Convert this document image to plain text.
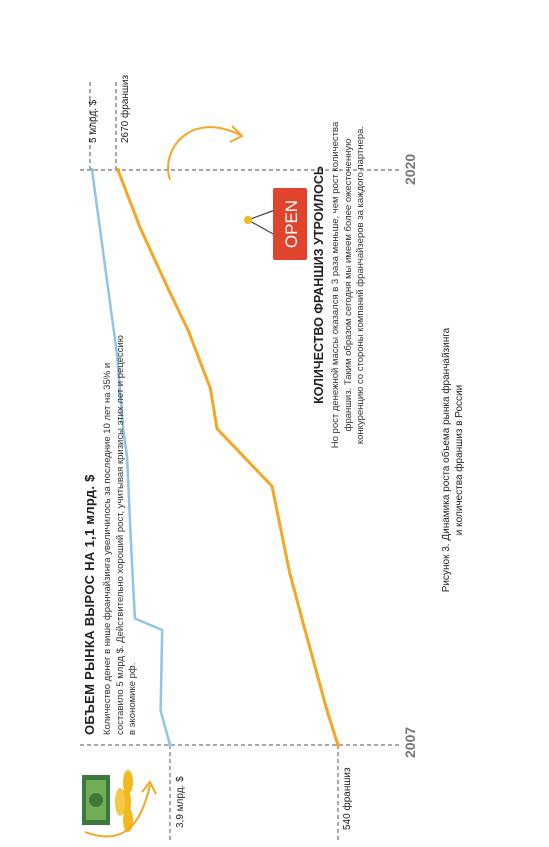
OPEN
ОБЪЕМ РЫНКА ВЫРОС НА 1,1 млрд. $ Количество денег в нише франчайзинга увеличилось за последние 10 лет на 35% и составило 5 млрд $. Действительно хороший рост, учитывая кризисы этих лет и рецессию в экономике рф.
КОЛИЧЕСТВО ФРАНШИЗ УТРОИЛОСЬ Но рост денежной массы оказался в 3 раза меньше, чем рост количества франшиз. Таким образом сегодня мы имеем более ожесточенную конкуренцию со стороны компаний франчайзеров за каждого партнера.
3,9 млрд. $	540 франшиз
5 млрд. $ 2670 франшиз
2007
2020
Рисунок 3. Динамика роста объема рынка франчайзинга и количества франшиз в России
